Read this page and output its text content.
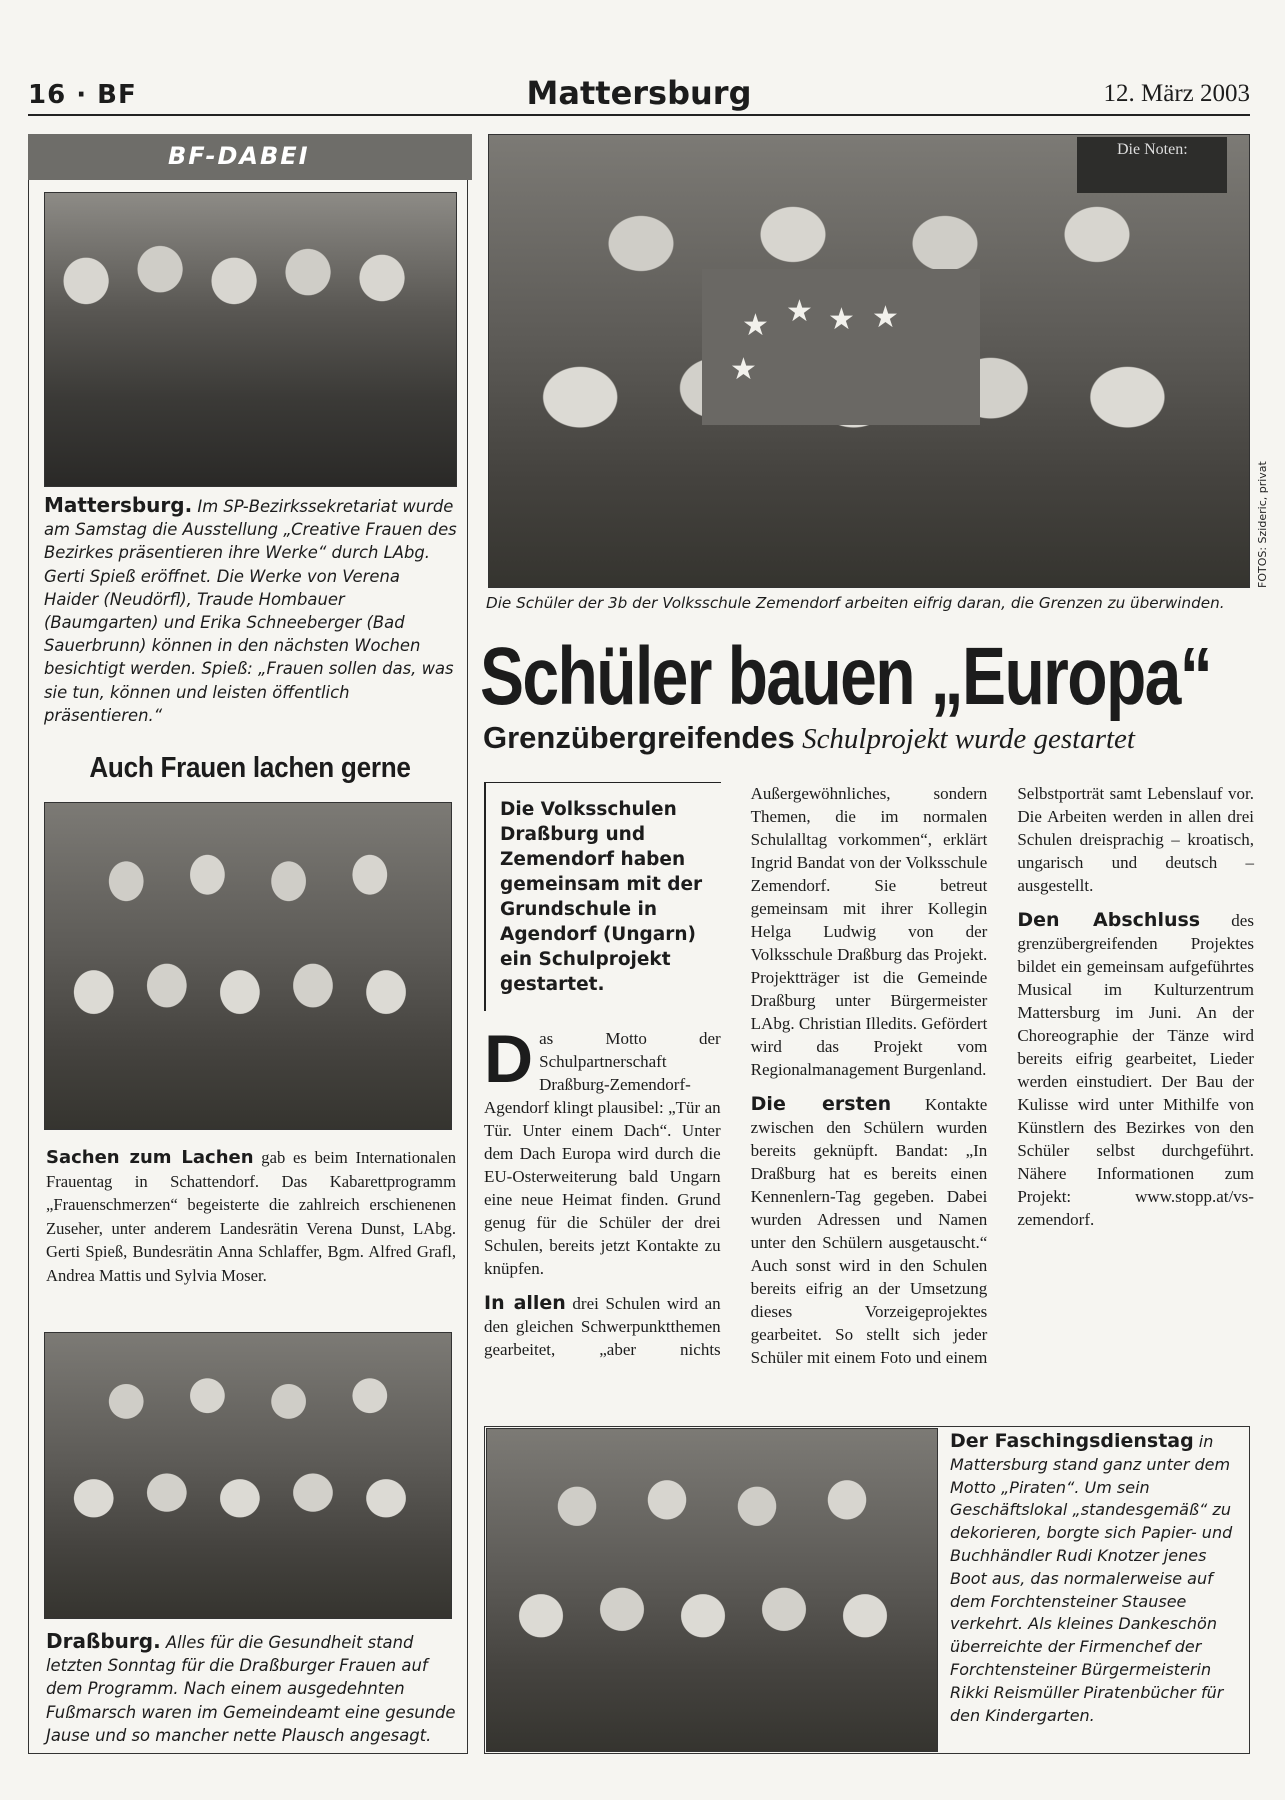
16 · BF	Mattersburg	12. März 2003
BF-DABEI
Mattersburg. Im SP-Bezirkssekretariat wurde am Samstag die Ausstellung „Creative Frauen des Bezirkes präsentieren ihre Werke“ durch LAbg. Gerti Spieß eröffnet. Die Werke von Verena Haider (Neudörfl), Traude Hombauer (Baumgarten) und Erika Schneeberger (Bad Sauerbrunn) können in den nächsten Wochen besichtigt werden. Spieß: „Frauen sollen das, was sie tun, können und leisten öffentlich präsentieren.“
Auch Frauen lachen gerne
Sachen zum Lachen gab es beim Internationalen Frauentag in Schattendorf. Das Kabarettprogramm „Frauenschmerzen“ begeisterte die zahlreich erschienenen Zuseher, unter anderem Landesrätin Verena Dunst, LAbg. Gerti Spieß, Bundesrätin Anna Schlaffer, Bgm. Alfred Grafl, Andrea Mattis und Sylvia Moser.
Draßburg. Alles für die Gesundheit stand letzten Sonntag für die Draßburger Frauen auf dem Programm. Nach einem ausgedehnten Fußmarsch waren im Gemeindeamt eine gesunde Jause und so mancher nette Plausch angesagt.
Die Noten:
★ ★ ★ ★
★
FOTOS: Szideric, privat
Die Schüler der 3b der Volksschule Zemendorf arbeiten eifrig daran, die Grenzen zu überwinden.
Schüler bauen „Europa“
Grenzübergreifendes Schulprojekt wurde gestartet
Die Volksschulen Draßburg und Zemendorf haben gemeinsam mit der Grundschule in Agendorf (Ungarn) ein Schulprojekt gestartet.

Das Motto der Schulpartnerschaft Draßburg-Zemendorf-Agendorf klingt plausibel: „Tür an Tür. Unter einem Dach“. Unter dem Dach Europa wird durch die EU-Osterweiterung bald Ungarn eine neue Heimat finden. Grund genug für die Schüler der drei Schulen, bereits jetzt Kontakte zu knüpfen.

In allen drei Schulen wird an den gleichen Schwerpunktthemen gearbeitet, „aber nichts Außergewöhnliches, sondern Themen, die im normalen Schulalltag vorkommen“, erklärt Ingrid Bandat von der Volksschule Zemendorf. Sie betreut gemeinsam mit ihrer Kollegin Helga Ludwig von der Volksschule Draßburg das Projekt. Projektträger ist die Gemeinde Draßburg unter Bürgermeister LAbg. Christian Illedits. Gefördert wird das Projekt vom Regionalmanagement Burgenland.

Die ersten Kontakte zwischen den Schülern wurden bereits geknüpft. Bandat: „In Draßburg hat es bereits einen Kennenlern-Tag gegeben. Dabei wurden Adressen und Namen unter den Schülern ausgetauscht.“ Auch sonst wird in den Schulen bereits eifrig an der Umsetzung dieses Vorzeigeprojektes gearbeitet. So stellt sich jeder Schüler mit einem Foto und einem Selbstporträt samt Lebenslauf vor. Die Arbeiten werden in allen drei Schulen dreisprachig – kroatisch, ungarisch und deutsch – ausgestellt.

Den Abschluss des grenzübergreifenden Projektes bildet ein gemeinsam aufgeführtes Musical im Kulturzentrum Mattersburg im Juni. An der Choreographie der Tänze wird bereits eifrig gearbeitet, Lieder werden einstudiert. Der Bau der Kulisse wird unter Mithilfe von Künstlern des Bezirkes von den Schüler selbst durchgeführt. Nähere Informationen zum Projekt: www.stopp.at/vs-zemendorf.

Der Faschingsdienstag in Mattersburg stand ganz unter dem Motto „Piraten“. Um sein Geschäftslokal „standesgemäß“ zu dekorieren, borgte sich Papier- und Buchhändler Rudi Knotzer jenes Boot aus, das normalerweise auf dem Forchtensteiner Stausee verkehrt. Als kleines Dankeschön überreichte der Firmenchef der Forchtensteiner Bürgermeisterin Rikki Reismüller Piratenbücher für den Kindergarten.
